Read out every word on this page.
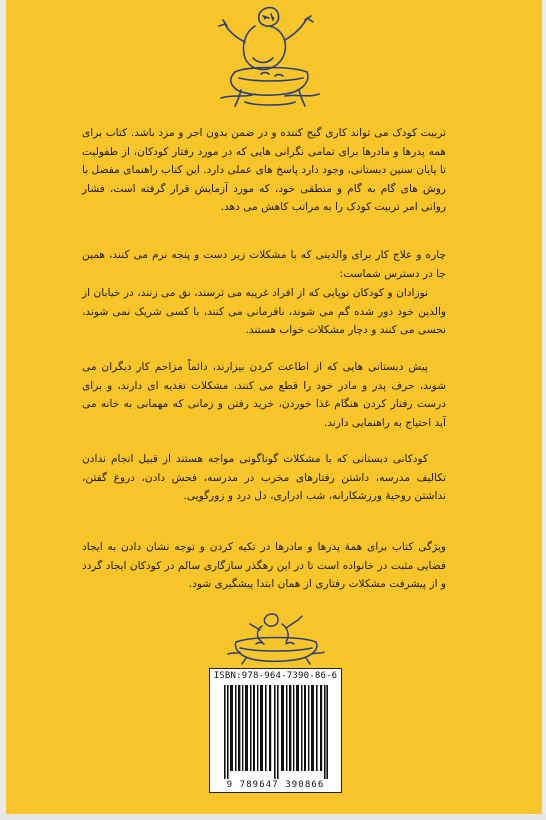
تربیت کودک می تواند کاری گیج کننده و در ضمن بدون اجر و مزد باشد. کتاب برای همه پدرها و مادرها برای تمامی نگرانی هایی که در مورد رفتار کودکان، از طفولیت تا پایان سنین دبستانی، وجود دارد پاسخ های عملی دارد. این کتاب راهنمای مفصل با روش های گام به گام و منطقی خود، که مورد آزمایش قرار گرفته است، فشار روانی امر تربیت کودک را به مراتب کاهش می دهد.

چاره و علاج کار برای والدینی که با مشکلات زیر دست و پنجه نرم می کنند، همین جا در دسترس شماست:

نوزادان و کودکان نوپایی که از افراد غریبه می ترسند، نق می زنند، در خیابان از والدین خود دور شده گم می شوند، نافرمانی می کنند، با کسی شریک نمی شوند، نحسی می کنند و دچار مشکلات خواب هستند.

پیش دبستانی هایی که از اطاعت کردن بیزارند، دائماً مزاحم کار دیگران می شوند، حرف پدر و مادر خود را قطع می کنند، مشکلات تغذیه ای دارند، و برای درست رفتار کردن هنگام غذا خوردن، خرید رفتن و زمانی که مهمانی به خانه می آید احتیاج به راهنمایی دارند.

کودکانی دبستانی که با مشکلات گوناگونی مواجه هستند از قبیل انجام ندادن تکالیف مدرسه، داشتن رفتارهای مخرب در مدرسه، فحش دادن، دروغ گفتن، نداشتن روحیهٔ ورزشکارانه، شب ادراری، دل درد و زورگویی.

ویژگی کتاب برای همهٔ پدرها و مادرها در تکیه کردن و توجه نشان دادن به ایجاد فضایی مثبت در خانواده است تا در این رهگذر سازگاری سالم در کودکان ایجاد گردد و از پیشرفت مشکلات رفتاری از همان ابتدا پیشگیری شود.

ISBN:978-964-7390-86-6
9 789647 390866
